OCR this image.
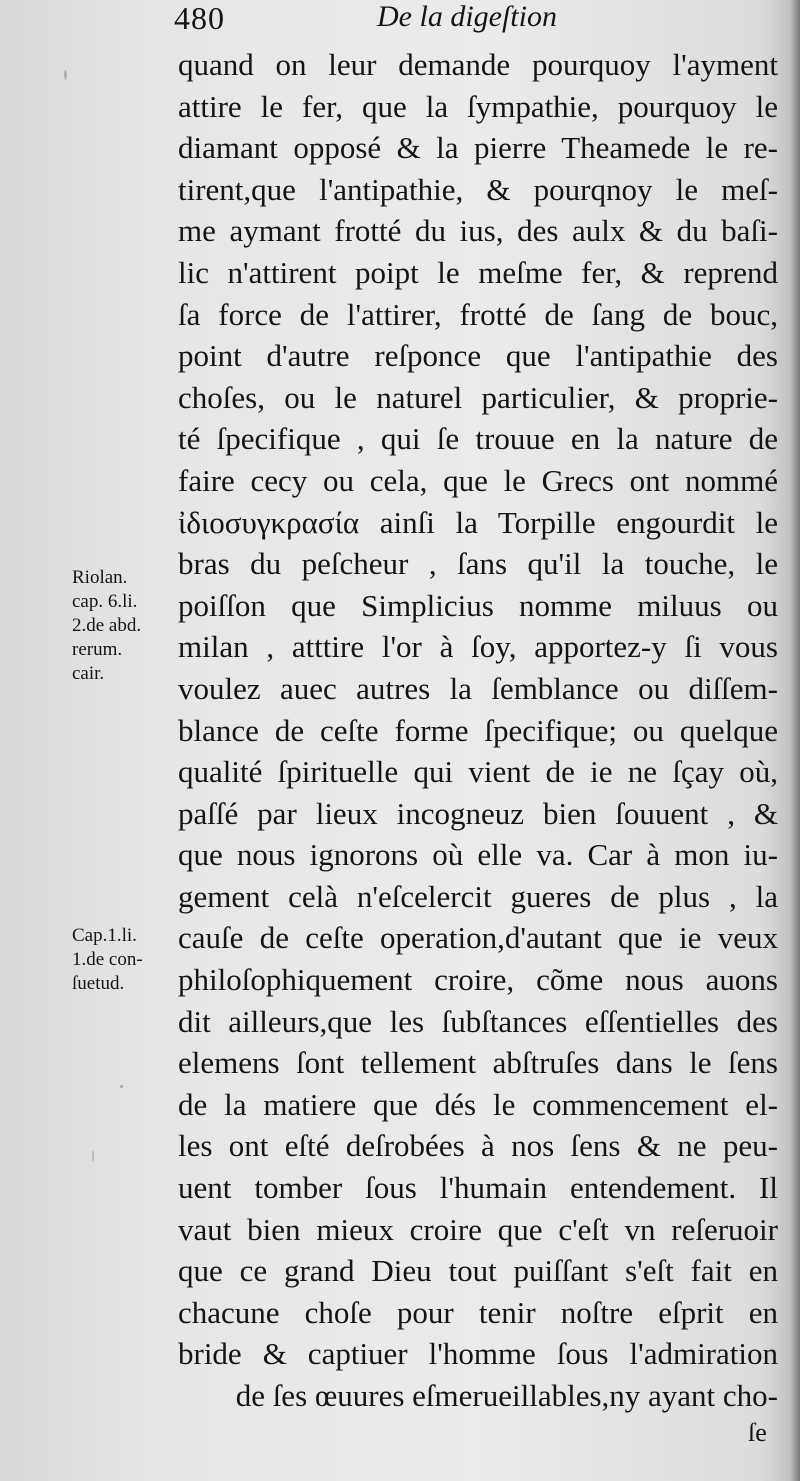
480	De la digeſtion
quand on leur demande pourquoy l'ayment
attire le fer, que la ſympathie, pourquoy le
diamant opposé & la pierre Theamede le re-
tirent,que l'antipathie, & pourqnoy le meſ-
me aymant frotté du ius, des aulx & du baſi-
lic n'attirent poipt le meſme fer, & reprend
ſa force de l'attirer, frotté de ſang de bouc,
point d'autre reſponce que l'antipathie des
choſes, ou le naturel particulier, & proprie-
té ſpecifique , qui ſe trouue en la nature de
faire cecy ou cela, que le Grecs ont nommé
ἰδιοσυγκρασία ainſi la Torpille engourdit le
bras du peſcheur , ſans qu'il la touche, le
poiſſon que Simplicius nomme miluus ou
milan , atttire l'or à ſoy, apportez-y ſi vous
voulez auec autres la ſemblance ou diſſem-
blance de ceſte forme ſpecifique; ou quelque
qualité ſpirituelle qui vient de ie ne ſçay où,
paſſé par lieux incogneuz bien ſouuent , &
que nous ignorons où elle va. Car à mon iu-
gement celà n'eſcelercit gueres de plus , la
cauſe de ceſte operation,d'autant que ie veux
philoſophiquement croire, cõme nous auons
dit ailleurs,que les ſubſtances eſſentielles des
elemens ſont tellement abſtruſes dans le ſens
de la matiere que dés le commencement el-
les ont eſté deſrobées à nos ſens & ne peu-
uent tomber ſous l'humain entendement. Il
vaut bien mieux croire que c'eſt vn reſeruoir
que ce grand Dieu tout puiſſant s'eſt fait en
chacune choſe pour tenir noſtre eſprit en
bride & captiuer l'homme ſous l'admiration
de ſes œuures eſmerueillables,ny ayant cho-
ſe
Riolan.
cap. 6.li.
2.de abd.
rerum.
cair.
Cap.1.li.
1.de con-
ſuetud.
